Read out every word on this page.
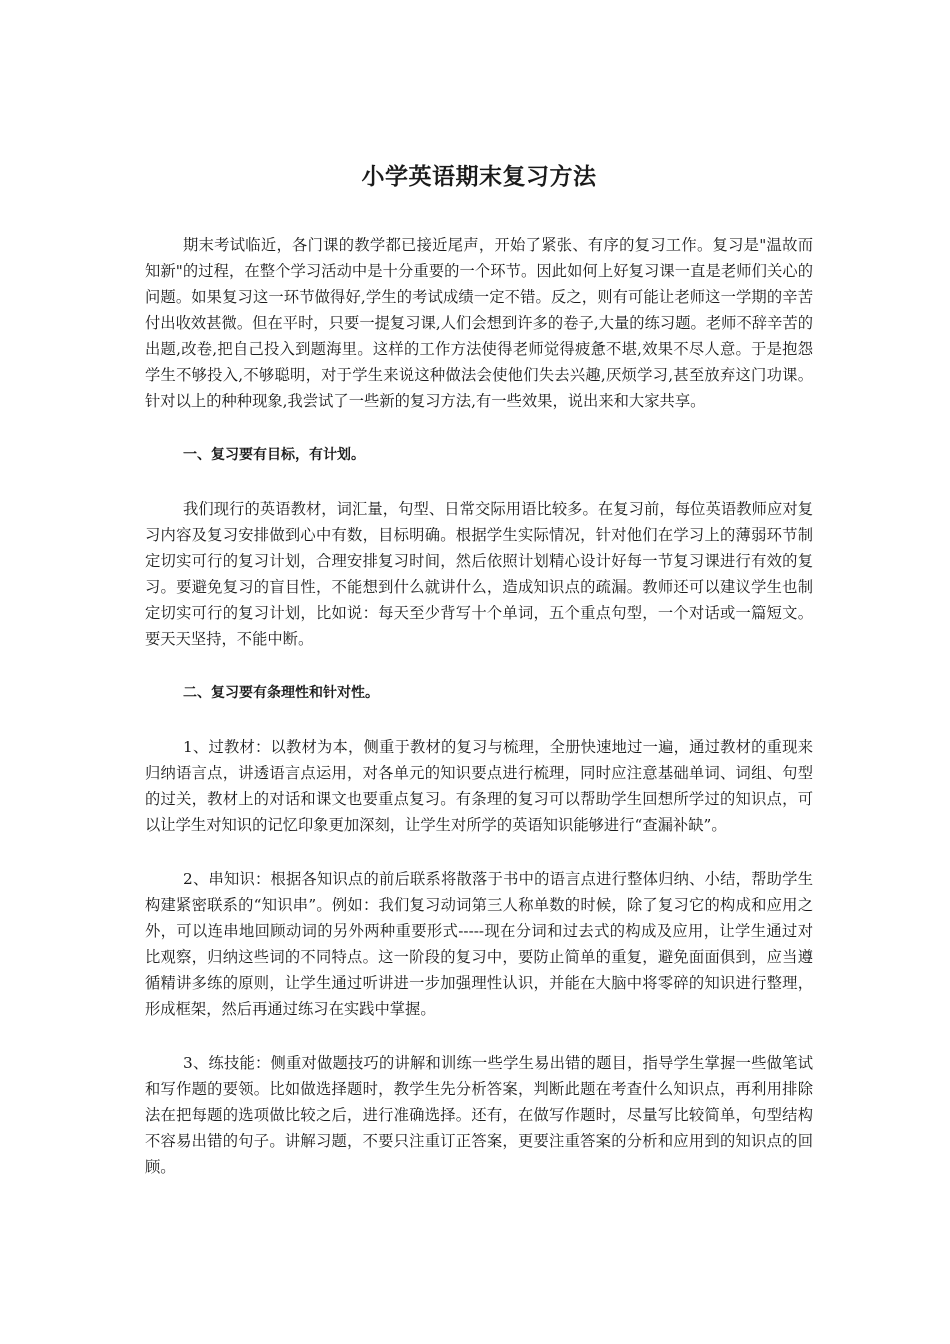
小学英语期末复习方法

期末考试临近，各门课的教学都已接近尾声，开始了紧张、有序的复习工作。复习是"温故而知新"的过程，在整个学习活动中是十分重要的一个环节。因此如何上好复习课一直是老师们关心的问题。如果复习这一环节做得好,学生的考试成绩一定不错。反之，则有可能让老师这一学期的辛苦付出收效甚微。但在平时，只要一提复习课,人们会想到许多的卷子,大量的练习题。老师不辞辛苦的出题,改卷,把自己投入到题海里。这样的工作方法使得老师觉得疲惫不堪,效果不尽人意。于是抱怨学生不够投入,不够聪明，对于学生来说这种做法会使他们失去兴趣,厌烦学习,甚至放弃这门功课。针对以上的种种现象,我尝试了一些新的复习方法,有一些效果，说出来和大家共享。

一、复习要有目标，有计划。

我们现行的英语教材，词汇量，句型、日常交际用语比较多。在复习前，每位英语教师应对复习内容及复习安排做到心中有数，目标明确。根据学生实际情况，针对他们在学习上的薄弱环节制定切实可行的复习计划，合理安排复习时间，然后依照计划精心设计好每一节复习课进行有效的复习。要避免复习的盲目性，不能想到什么就讲什么，造成知识点的疏漏。教师还可以建议学生也制定切实可行的复习计划，比如说：每天至少背写十个单词，五个重点句型，一个对话或一篇短文。要天天坚持，不能中断。

二、复习要有条理性和针对性。

1、过教材：以教材为本，侧重于教材的复习与梳理，全册快速地过一遍，通过教材的重现来归纳语言点，讲透语言点运用，对各单元的知识要点进行梳理，同时应注意基础单词、词组、句型的过关，教材上的对话和课文也要重点复习。有条理的复习可以帮助学生回想所学过的知识点，可以让学生对知识的记忆印象更加深刻，让学生对所学的英语知识能够进行“查漏补缺”。

2、串知识：根据各知识点的前后联系将散落于书中的语言点进行整体归纳、小结，帮助学生构建紧密联系的“知识串”。例如：我们复习动词第三人称单数的时候，除了复习它的构成和应用之外，可以连串地回顾动词的另外两种重要形式-----现在分词和过去式的构成及应用，让学生通过对比观察，归纳这些词的不同特点。这一阶段的复习中，要防止简单的重复，避免面面俱到，应当遵循精讲多练的原则，让学生通过听讲进一步加强理性认识，并能在大脑中将零碎的知识进行整理，形成框架，然后再通过练习在实践中掌握。

3、练技能：侧重对做题技巧的讲解和训练一些学生易出错的题目，指导学生掌握一些做笔试和写作题的要领。比如做选择题时，教学生先分析答案，判断此题在考查什么知识点，再利用排除法在把每题的选项做比较之后，进行准确选择。还有，在做写作题时，尽量写比较简单，句型结构不容易出错的句子。讲解习题，不要只注重订正答案，更要注重答案的分析和应用到的知识点的回顾。
